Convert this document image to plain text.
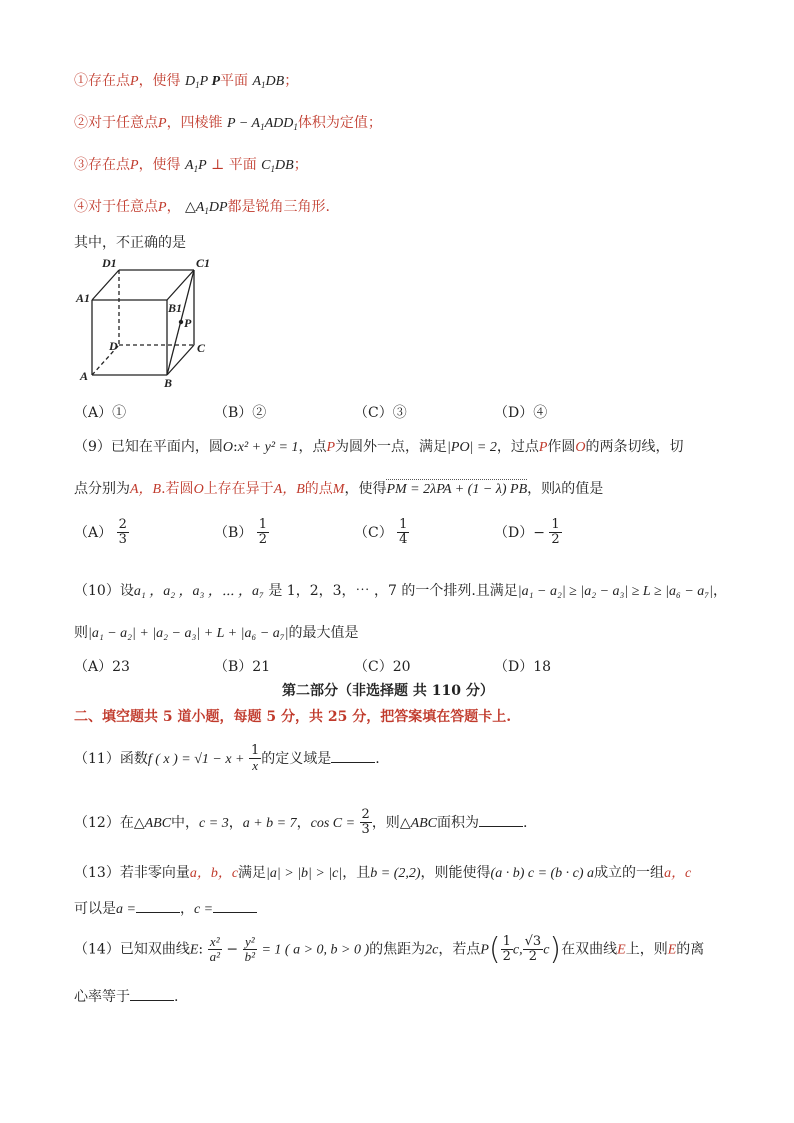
①存在点P，使得 $D_1P$ P平面 $A_1DB$；
②对于任意点P，四棱锥 $P - A_1ADD_1$体积为定值；
③存在点P，使得 $A_1P$ ⊥ 平面 $C_1DB$；
④对于任意点P， $\triangle A_1DP$都是锐角三角形.
其中，不正确的是
D1	C1
A1
B1
P
D	C
A	B
（A）①	（B）②	（C）③	（D）④
（9）已知在平面内，圆O:x² + y² = 1，点P为圆外一点，满足|PO| = 2，过点P作圆O的两条切线，切
点分别为A，B.若圆O上存在异于A，B的点M，使得PM = 2λPA + (1 − λ) PB，则λ的值是
$(A) \frac{2}{3}$	$(B) \frac{1}{2}$	$(C) \frac{1}{4}$	$(D)- \frac{1}{2}$
（10）设a₁ ，a₂ ，a₃ ，⋯ ，a₇ 是 1，2，3，⋯ ，7 的一个排列.且满足|a₁ − a₂| ≥ |a₂ − a₃| ≥ L ≥ |a₆ − a₇|，
则|a₁ − a₂| + |a₂ − a₃| + L + |a₆ − a₇|的最大值是
（A）23	（B）21	（C）20	（D）18
第二部分（非选择题 共 110 分）
二、填空题共 5 道小题，每题 5 分，共 25 分，把答案填在答题卡上.
（11）函数f ( x ) = $√1 - x + \frac{1}{x}$ 的定义域是	.
（12）在△ABC中，c = 3，a + b = 7，$\cos C = \frac{2}{3}$ ，则△ABC面积为	.
（13）若非零向量a，b，c满足|a| > |b| > |c|，且b = (2,2)，则能使得(a · b) c = (b · c) a成立的一组a，c
可以是a =	，c =
（14）已知双曲线E: $\frac{\text{x²}}{\text{a²}} - \frac{\text{y²}}{\text{b²}} = 1$ ( a > 0, b > 0 )的焦距为2c，若点$P( \frac{1}{2} c$, $\frac{√3}{2} c$)在双曲线E上，则E的离
心率等于	.
